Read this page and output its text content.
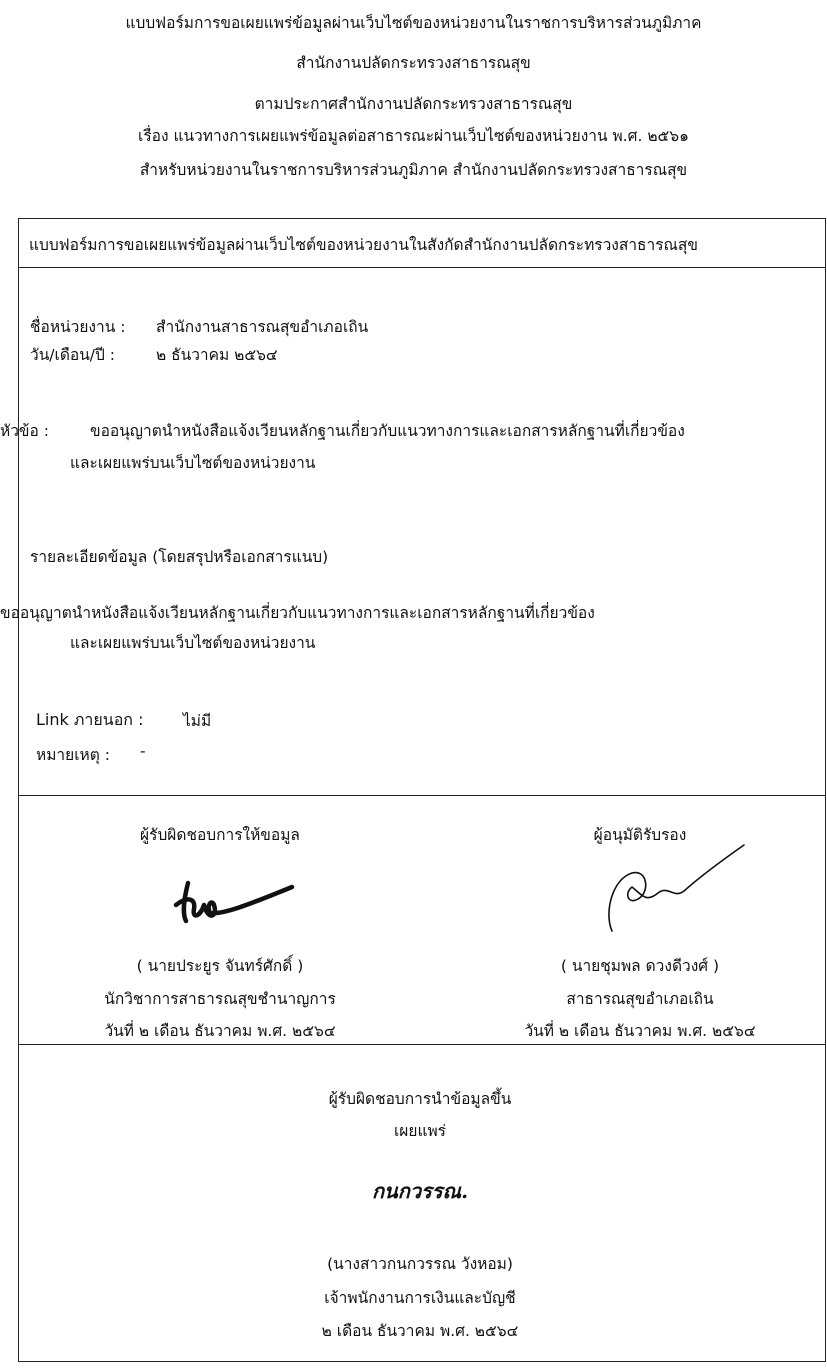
แบบฟอร์มการขอเผยแพร่ข้อมูลผ่านเว็บไซต์ของหน่วยงานในราชการบริหารส่วนภูมิภาค
สำนักงานปลัดกระทรวงสาธารณสุข
ตามประกาศสำนักงานปลัดกระทรวงสาธารณสุข
เรื่อง แนวทางการเผยแพร่ข้อมูลต่อสาธารณะผ่านเว็บไซต์ของหน่วยงาน พ.ศ. ๒๕๖๑
สำหรับหน่วยงานในราชการบริหารส่วนภูมิภาค สำนักงานปลัดกระทรวงสาธารณสุข
แบบฟอร์มการขอเผยแพร่ข้อมูลผ่านเว็บไซต์ของหน่วยงานในสังกัดสำนักงานปลัดกระทรวงสาธารณสุข
ชื่อหน่วยงาน : สำนักงานสาธารณสุขอำเภอเถิน
วัน/เดือน/ปี :	๒ ธันวาคม ๒๕๖๔
หัวข้อ :	ขออนุญาตนำหนังสือแจ้งเวียนหลักฐานเกี่ยวกับแนวทางการและเอกสารหลักฐานที่เกี่ยวข้อง
และเผยแพร่บนเว็บไซต์ของหน่วยงาน
รายละเอียดข้อมูล (โดยสรุปหรือเอกสารแนบ)
ขออนุญาตนำหนังสือแจ้งเวียนหลักฐานเกี่ยวกับแนวทางการและเอกสารหลักฐานที่เกี่ยวข้อง
และเผยแพร่บนเว็บไซต์ของหน่วยงาน
Link ภายนอก :	ไม่มี
หมายเหตุ : -
ผู้รับผิดชอบการให้ขอมูล
( นายประยูร จันทร์ศักดิ์ )
นักวิชาการสาธารณสุขชำนาญการ
วันที่ ๒ เดือน ธันวาคม พ.ศ. ๒๕๖๔
ผู้อนุมัติรับรอง
( นายชุมพล ดวงดีวงศ์ )
สาธารณสุขอำเภอเถิน
วันที่ ๒ เดือน ธันวาคม พ.ศ. ๒๕๖๔
ผู้รับผิดชอบการนำข้อมูลขึ้น
เผยแพร่
กนกวรรณ.
(นางสาวกนกวรรณ วังหอม)
เจ้าพนักงานการเงินและบัญชี
๒ เดือน ธันวาคม พ.ศ. ๒๕๖๔
